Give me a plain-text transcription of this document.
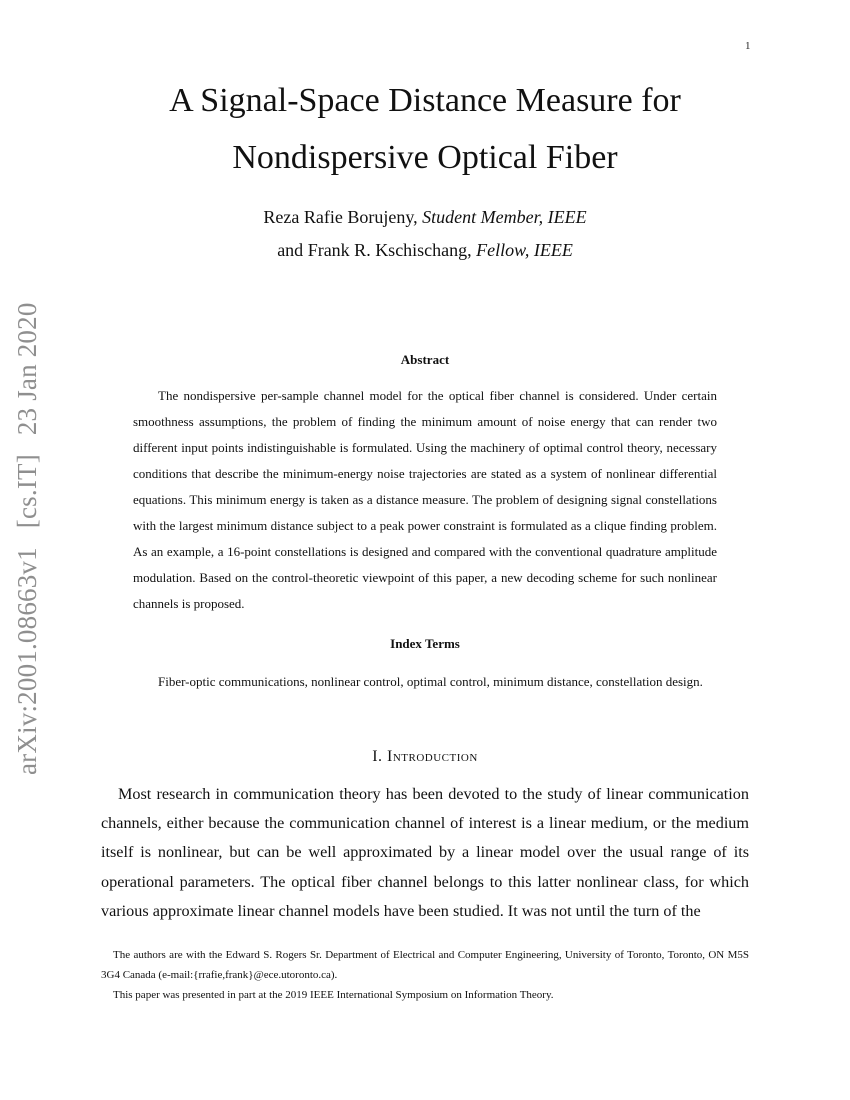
1
arXiv:2001.08663v1 [cs.IT] 23 Jan 2020
A Signal-Space Distance Measure for
Nondispersive Optical Fiber
Reza Rafie Borujeny, Student Member, IEEE
and Frank R. Kschischang, Fellow, IEEE
Abstract
The nondispersive per-sample channel model for the optical fiber channel is considered. Under certain smoothness assumptions, the problem of finding the minimum amount of noise energy that can render two different input points indistinguishable is formulated. Using the machinery of optimal control theory, necessary conditions that describe the minimum-energy noise trajectories are stated as a system of nonlinear differential equations. This minimum energy is taken as a distance measure. The problem of designing signal constellations with the largest minimum distance subject to a peak power constraint is formulated as a clique finding problem. As an example, a 16-point constellations is designed and compared with the conventional quadrature amplitude modulation. Based on the control-theoretic viewpoint of this paper, a new decoding scheme for such nonlinear channels is proposed.
Index Terms
Fiber-optic communications, nonlinear control, optimal control, minimum distance, constellation design.
I. Introduction
Most research in communication theory has been devoted to the study of linear communication channels, either because the communication channel of interest is a linear medium, or the medium itself is nonlinear, but can be well approximated by a linear model over the usual range of its operational parameters. The optical fiber channel belongs to this latter nonlinear class, for which various approximate linear channel models have been studied. It was not until the turn of the

The authors are with the Edward S. Rogers Sr. Department of Electrical and Computer Engineering, University of Toronto, Toronto, ON M5S 3G4 Canada (e-mail:{rrafie,frank}@ece.utoronto.ca).

This paper was presented in part at the 2019 IEEE International Symposium on Information Theory.
